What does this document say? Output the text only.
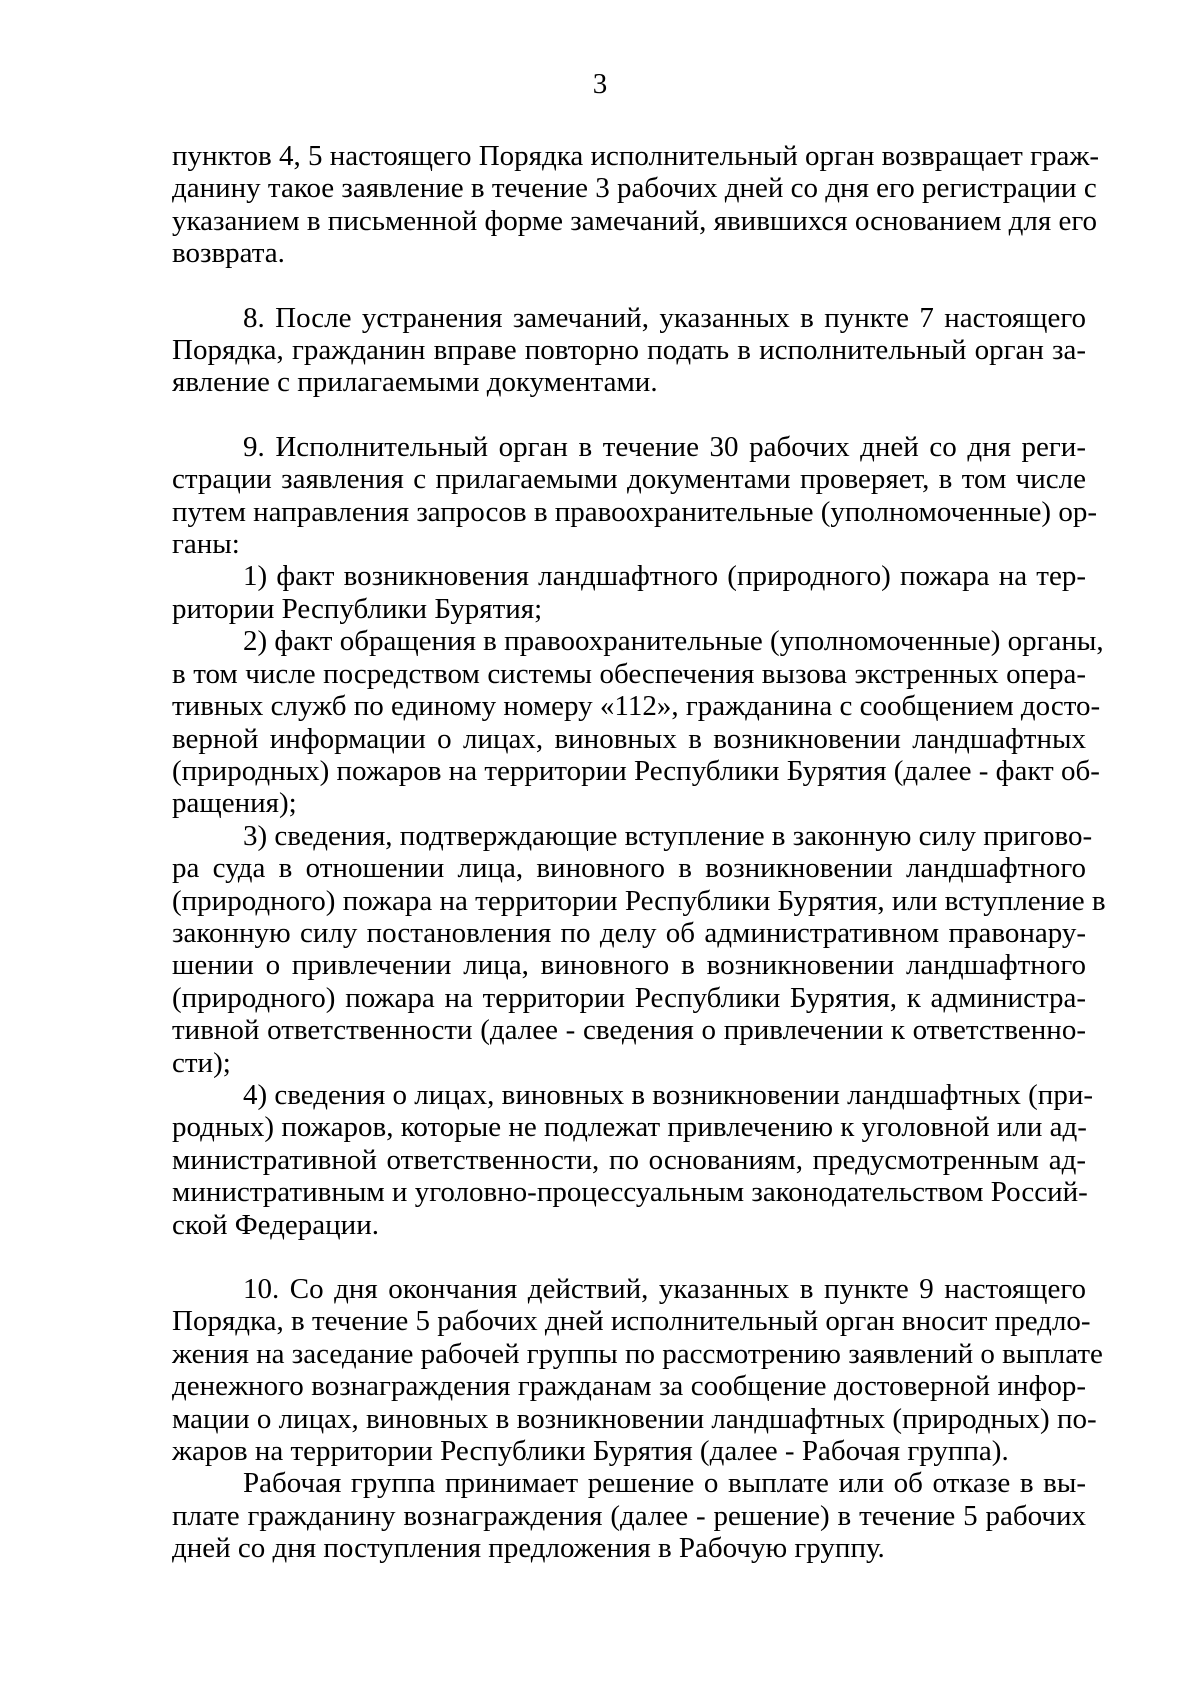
3
пунктов 4, 5 настоящего Порядка исполнительный орган возвращает граж-
данину такое заявление в течение 3 рабочих дней со дня его регистрации с
указанием в письменной форме замечаний, явившихся основанием для его
возврата.
8. После устранения замечаний, указанных в пункте 7 настоящего
Порядка, гражданин вправе повторно подать в исполнительный орган за-
явление с прилагаемыми документами.
9. Исполнительный орган в течение 30 рабочих дней со дня реги-
страции заявления с прилагаемыми документами проверяет, в том числе
путем направления запросов в правоохранительные (уполномоченные) ор-
ганы:
1) факт возникновения ландшафтного (природного) пожара на тер-
ритории Республики Бурятия;
2) факт обращения в правоохранительные (уполномоченные) органы,
в том числе посредством системы обеспечения вызова экстренных опера-
тивных служб по единому номеру «112», гражданина с сообщением досто-
верной информации о лицах, виновных в возникновении ландшафтных
(природных) пожаров на территории Республики Бурятия (далее - факт об-
ращения);
3) сведения, подтверждающие вступление в законную силу пригово-
ра суда в отношении лица, виновного в возникновении ландшафтного
(природного) пожара на территории Республики Бурятия, или вступление в
законную силу постановления по делу об административном правонару-
шении о привлечении лица, виновного в возникновении ландшафтного
(природного) пожара на территории Республики Бурятия, к администра-
тивной ответственности (далее - сведения о привлечении к ответственно-
сти);
4) сведения о лицах, виновных в возникновении ландшафтных (при-
родных) пожаров, которые не подлежат привлечению к уголовной или ад-
министративной ответственности, по основаниям, предусмотренным ад-
министративным и уголовно-процессуальным законодательством Россий-
ской Федерации.
10. Со дня окончания действий, указанных в пункте 9 настоящего
Порядка, в течение 5 рабочих дней исполнительный орган вносит предло-
жения на заседание рабочей группы по рассмотрению заявлений о выплате
денежного вознаграждения гражданам за сообщение достоверной инфор-
мации о лицах, виновных в возникновении ландшафтных (природных) по-
жаров на территории Республики Бурятия (далее - Рабочая группа).
Рабочая группа принимает решение о выплате или об отказе в вы-
плате гражданину вознаграждения (далее - решение) в течение 5 рабочих
дней со дня поступления предложения в Рабочую группу.
